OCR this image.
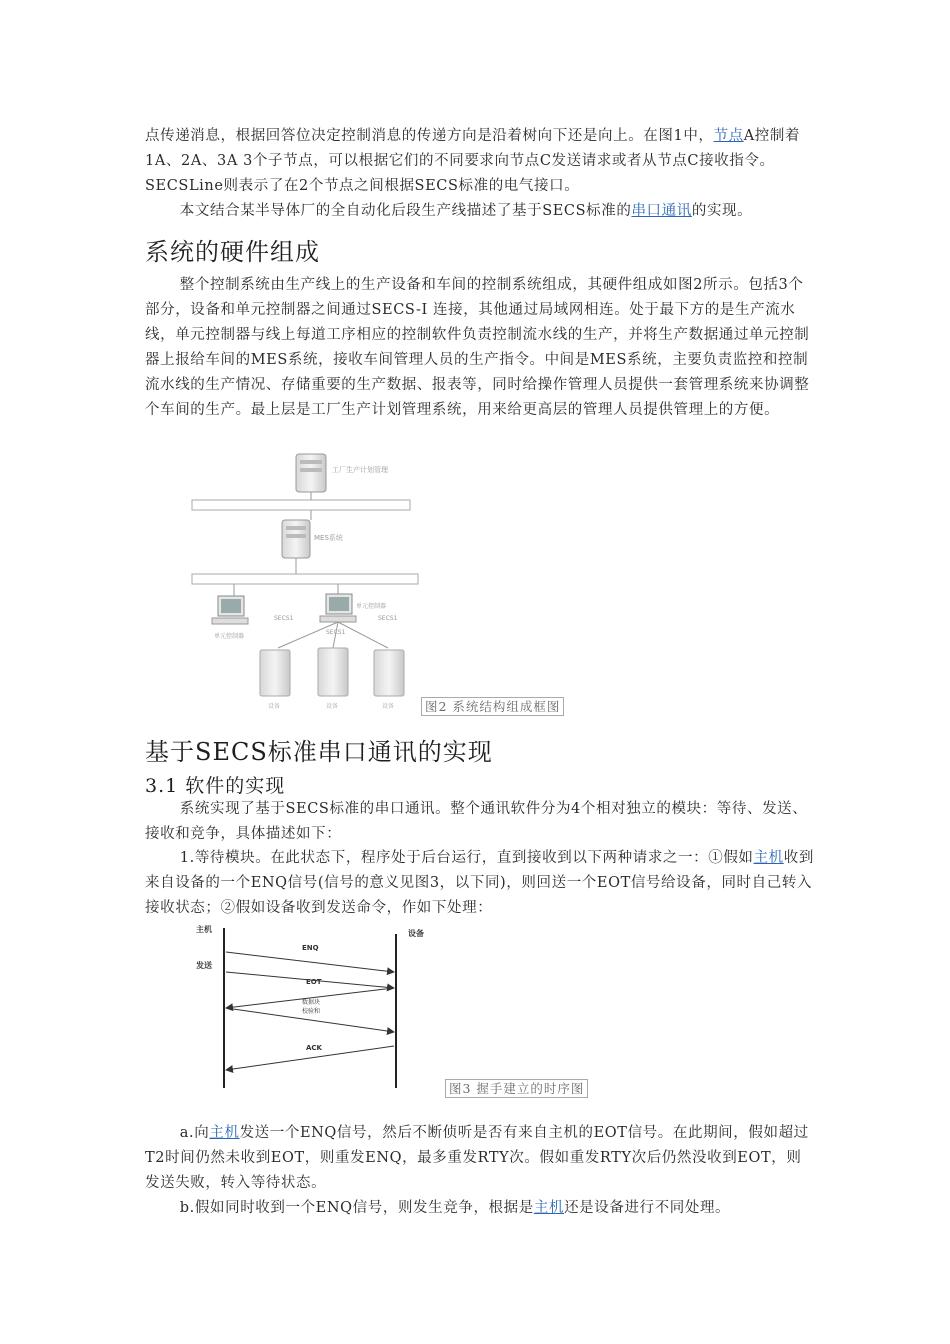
点传递消息，根据回答位决定控制消息的传递方向是沿着树向下还是向上。在图1中，节点A控制着1A、2A、3A 3个子节点，可以根据它们的不同要求向节点C发送请求或者从节点C接收指令。SECSLine则表示了在2个节点之间根据SECS标准的电气接口。

本文结合某半导体厂的全自动化后段生产线描述了基于SECS标准的串口通讯的实现。

系统的硬件组成

整个控制系统由生产线上的生产设备和车间的控制系统组成，其硬件组成如图2所示。包括3个部分，设备和单元控制器之间通过SECS-Ⅰ 连接，其他通过局域网相连。处于最下方的是生产流水线，单元控制器与线上每道工序相应的控制软件负责控制流水线的生产，并将生产数据通过单元控制器上报给车间的MES系统，接收车间管理人员的生产指令。中间是MES系统，主要负责监控和控制流水线的生产情况、存储重要的生产数据、报表等，同时给操作管理人员提供一套管理系统来协调整个车间的生产。最上层是工厂生产计划管理系统，用来给更高层的管理人员提供管理上的方便。

工厂生产计划管理
MES系统
单元控制器
单元控制器
SECS1
SECS1
SECS1
设备	设备	设备	图2 系统结构组成框图
基于SECS标准串口通讯的实现
3.1 软件的实现

系统实现了基于SECS标准的串口通讯。整个通讯软件分为4个相对独立的模块：等待、发送、接收和竞争，具体描述如下：

1.等待模块。在此状态下，程序处于后台运行，直到接收到以下两种请求之一：①假如主机收到来自设备的一个ENQ信号(信号的意义见图3，以下同)，则回送一个EOT信号给设备，同时自己转入接收状态；②假如设备收到发送命令，作如下处理：

主机	设备
发送
ENQ
EOT
数据块
校验和
ACK
图3 握手建立的时序图

a.向主机发送一个ENQ信号，然后不断侦听是否有来自主机的EOT信号。在此期间，假如超过T2时间仍然未收到EOT，则重发ENQ，最多重发RTY次。假如重发RTY次后仍然没收到EOT，则发送失败，转入等待状态。

b.假如同时收到一个ENQ信号，则发生竞争，根据是主机还是设备进行不同处理。
